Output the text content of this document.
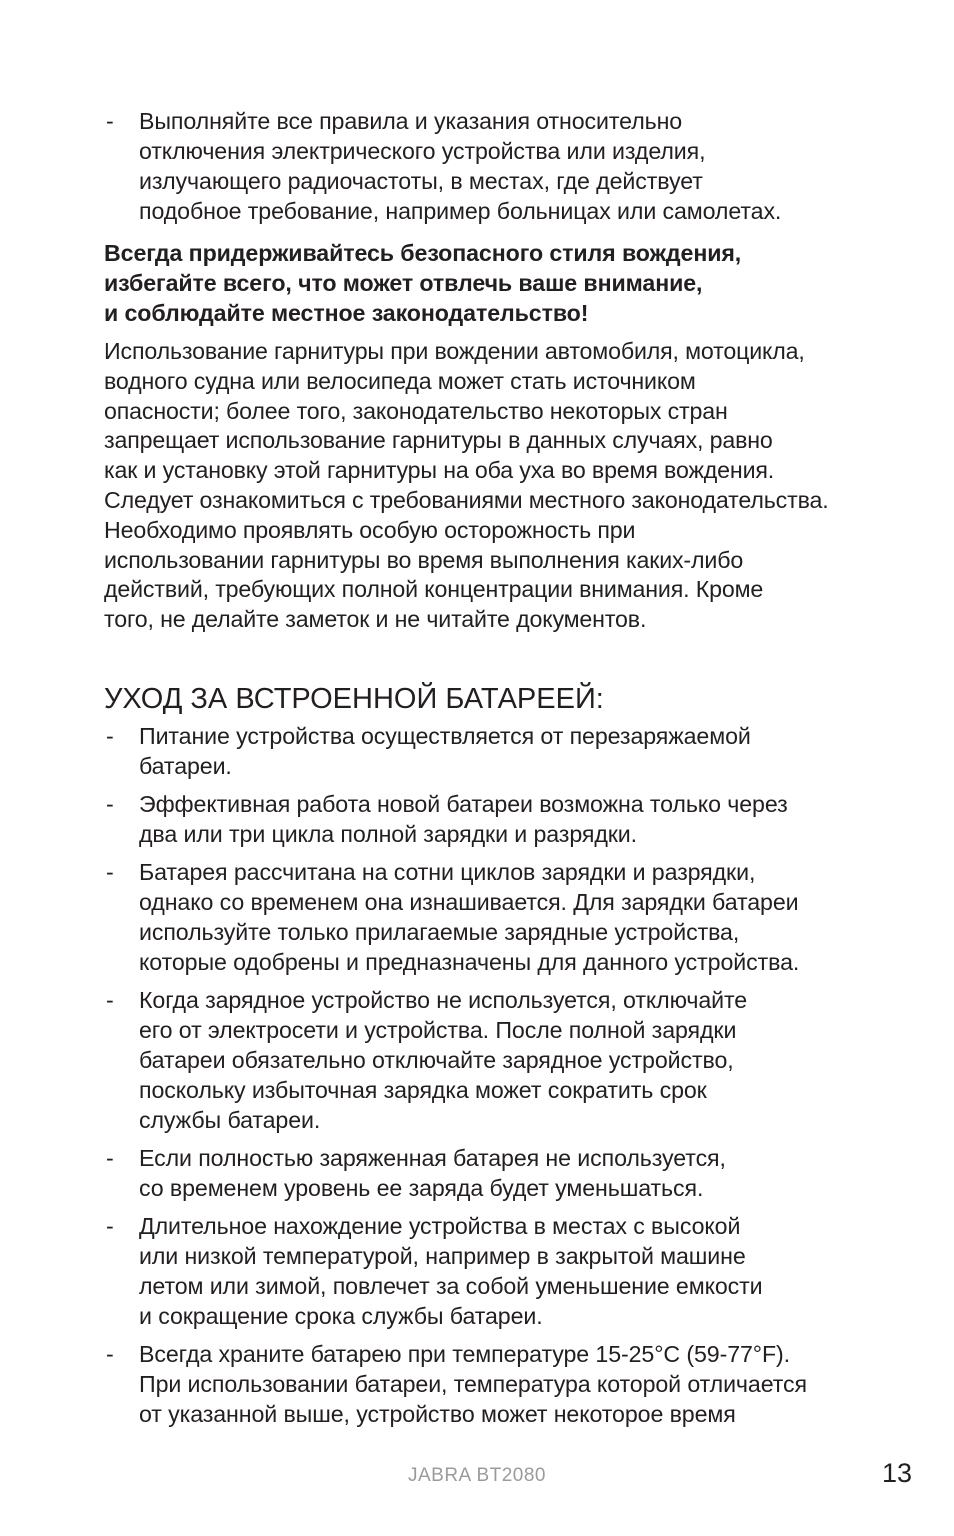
-	Выполняйте все правила и указания относительно
отключения электрического устройства или изделия,
излучающего радиочастоты, в местах, где действует
подобное требование, например больницах или самолетах.
Всегда придерживайтесь безопасного стиля вождения,
избегайте всего, что может отвлечь ваше внимание,
и соблюдайте местное законодательство!
Использование гарнитуры при вождении автомобиля, мотоцикла,
водного судна или велосипеда может стать источником
опасности; более того, законодательство некоторых стран
запрещает использование гарнитуры в данных случаях, равно
как и установку этой гарнитуры на оба уха во время вождения.
Следует ознакомиться с требованиями местного законодательства.
Необходимо проявлять особую осторожность при
использовании гарнитуры во время выполнения каких-либо
действий, требующих полной концентрации внимания. Кроме
того, не делайте заметок и не читайте документов.
УХОД ЗА ВСТРОЕННОЙ БАТАРЕЕЙ:
-	Питание устройства осуществляется от перезаряжаемой
батареи.
-	Эффективная работа новой батареи возможна только через
два или три цикла полной зарядки и разрядки.
-	Батарея рассчитана на сотни циклов зарядки и разрядки,
однако со временем она изнашивается. Для зарядки батареи
используйте только прилагаемые зарядные устройства,
которые одобрены и предназначены для данного устройства.
-	Когда зарядное устройство не используется, отключайте
его от электросети и устройства. После полной зарядки
батареи обязательно отключайте зарядное устройство,
поскольку избыточная зарядка может сократить срок
службы батареи.
-	Если полностью заряженная батарея не используется,
со временем уровень ее заряда будет уменьшаться.
-	Длительное нахождение устройства в местах с высокой
или низкой температурой, например в закрытой машине
летом или зимой, повлечет за собой уменьшение емкости
и сокращение срока службы батареи.
-	Всегда храните батарею при температуре 15-25°C (59-77°F).
При использовании батареи, температура которой отличается
от указанной выше, устройство может некоторое время
JABRA BT2080	13
